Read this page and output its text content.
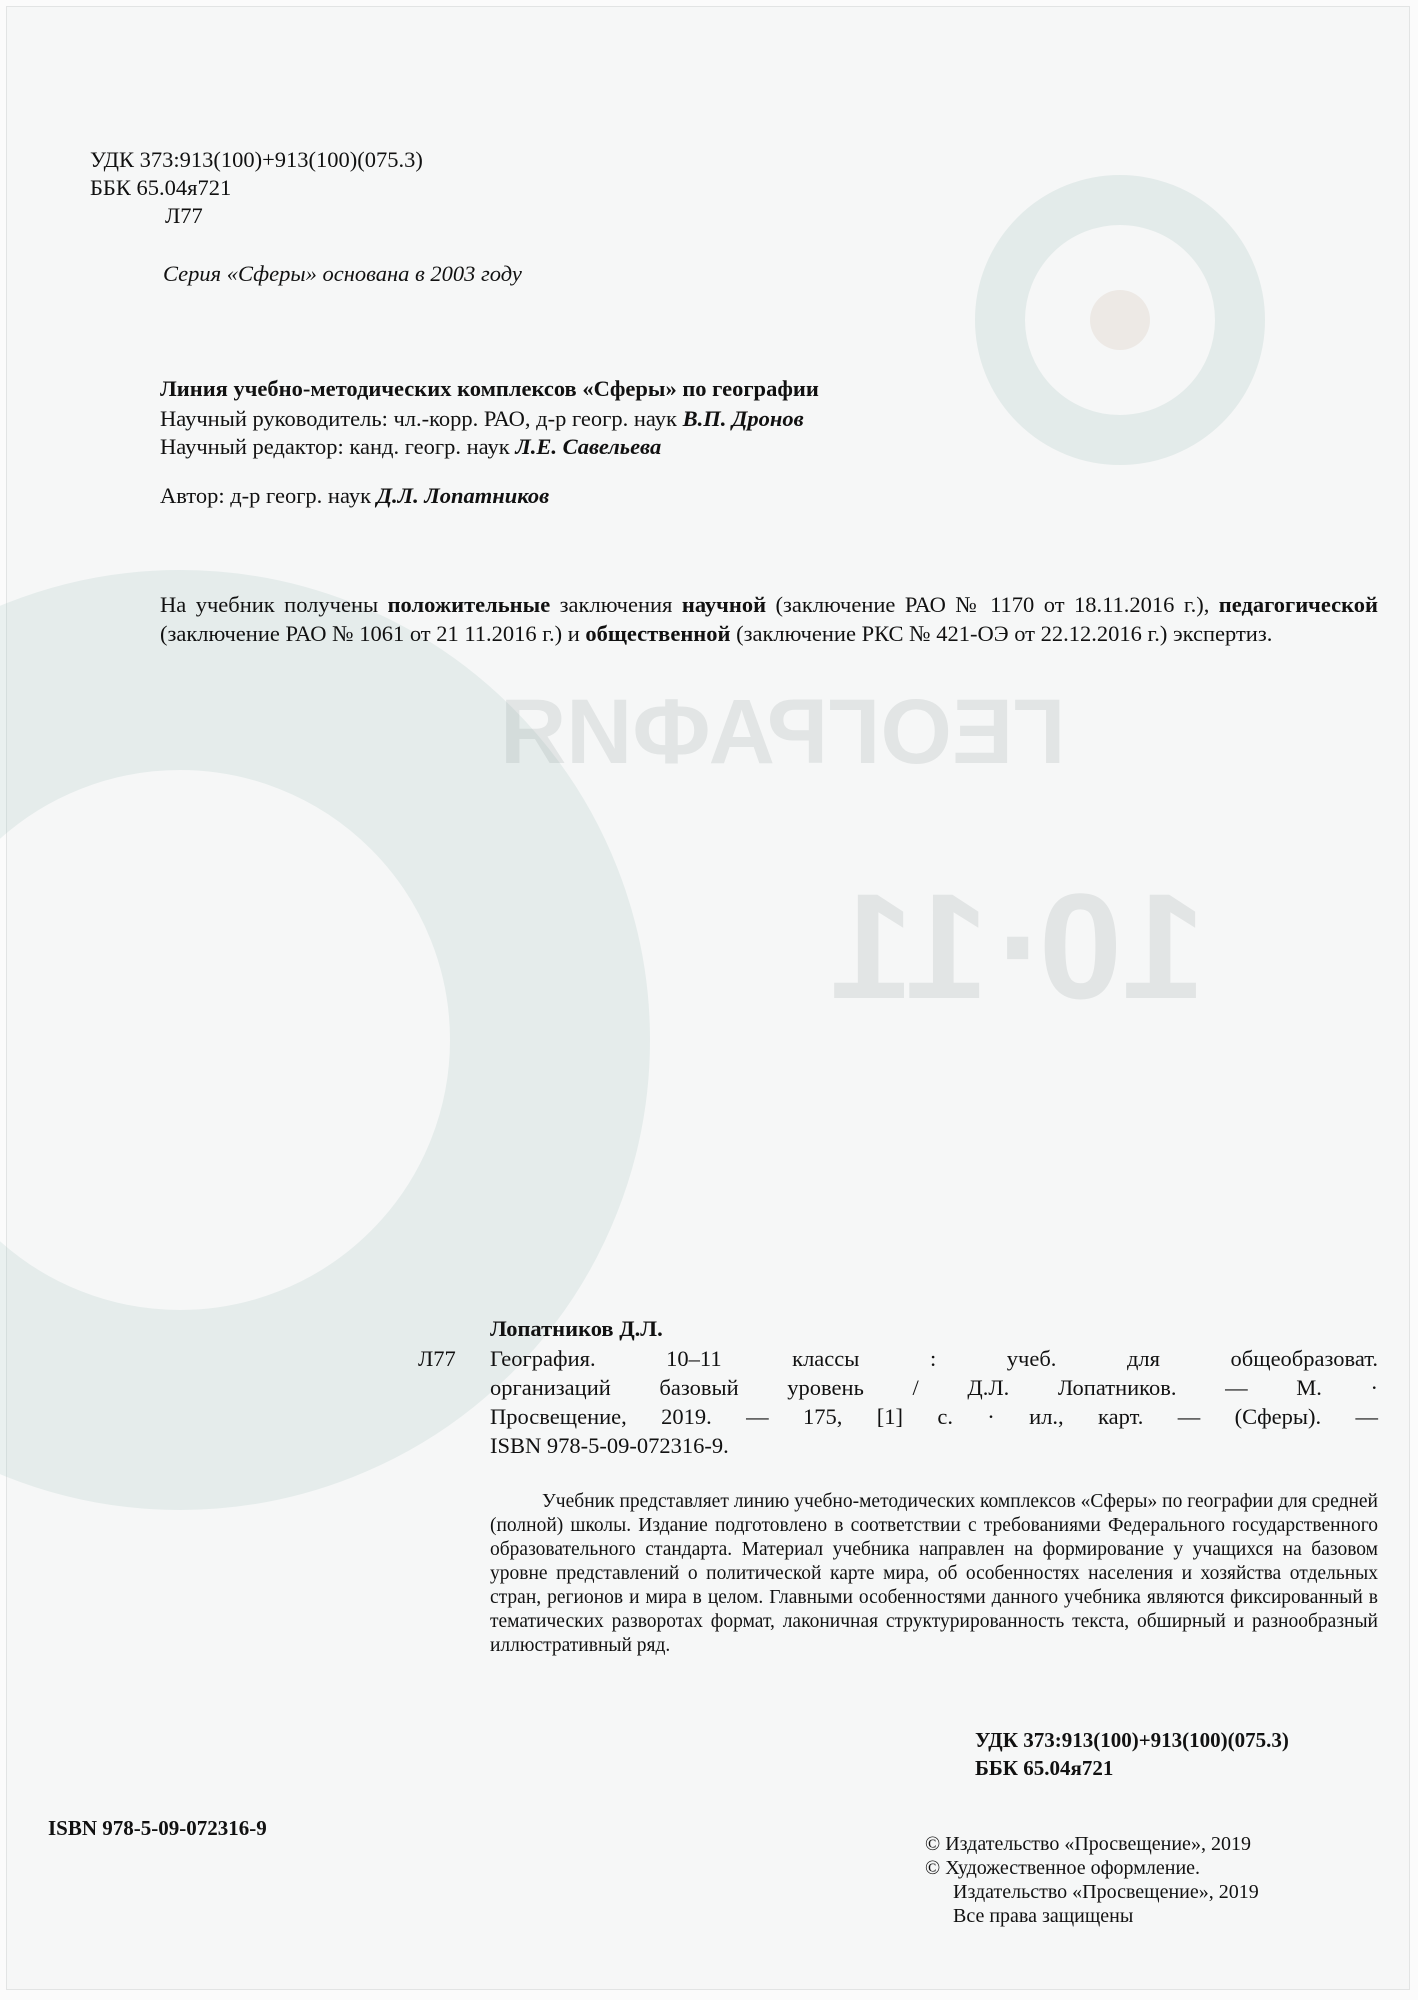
ГЕОГРАФИЯ
10·11
УДК 373:913(100)+913(100)(075.3)
ББК 65.04я721
Л77
Серия «Сферы» основана в 2003 году
Линия учебно-методических комплексов «Сферы» по географии
Научный руководитель: чл.-корр. РАО, д-р геогр. наук В.П. Дронов
Научный редактор: канд. геогр. наук Л.Е. Савельева
Автор: д-р геогр. наук Д.Л. Лопатников
На учебник получены положительные заключения научной (заключение РАО № 1170 от 18.11.2016 г.), педагогической (заключение РАО № 1061 от 21 11.2016 г.) и общественной (заключение РКС № 421-ОЭ от 22.12.2016 г.) экспертиз.
Лопатников Д.Л.
Л77 География. 10–11 классы : учеб. для общеобразоват.
организаций базовый уровень / Д.Л. Лопатников. — М. ·
Просвещение, 2019. — 175, [1] с. · ил., карт. — (Сферы). —
ISBN 978-5-09-072316-9.
Учебник представляет линию учебно-методических комплексов «Сферы» по географии для средней (полной) школы. Издание подготовлено в соответствии с требованиями Федерального государственного образовательного стандарта. Материал учебника направлен на формирование у учащихся на базовом уровне представлений о политической карте мира, об особенностях населения и хозяйства отдельных стран, регионов и мира в целом. Главными особенностями данного учебника являются фиксированный в тематических разворотах формат, лаконичная структурированность текста, обширный и разнообразный иллюстративный ряд.
УДК 373:913(100)+913(100)(075.3)
ББК 65.04я721
ISBN 978-5-09-072316-9
© Издательство «Просвещение», 2019
© Художественное оформление.
Издательство «Просвещение», 2019
Все права защищены
